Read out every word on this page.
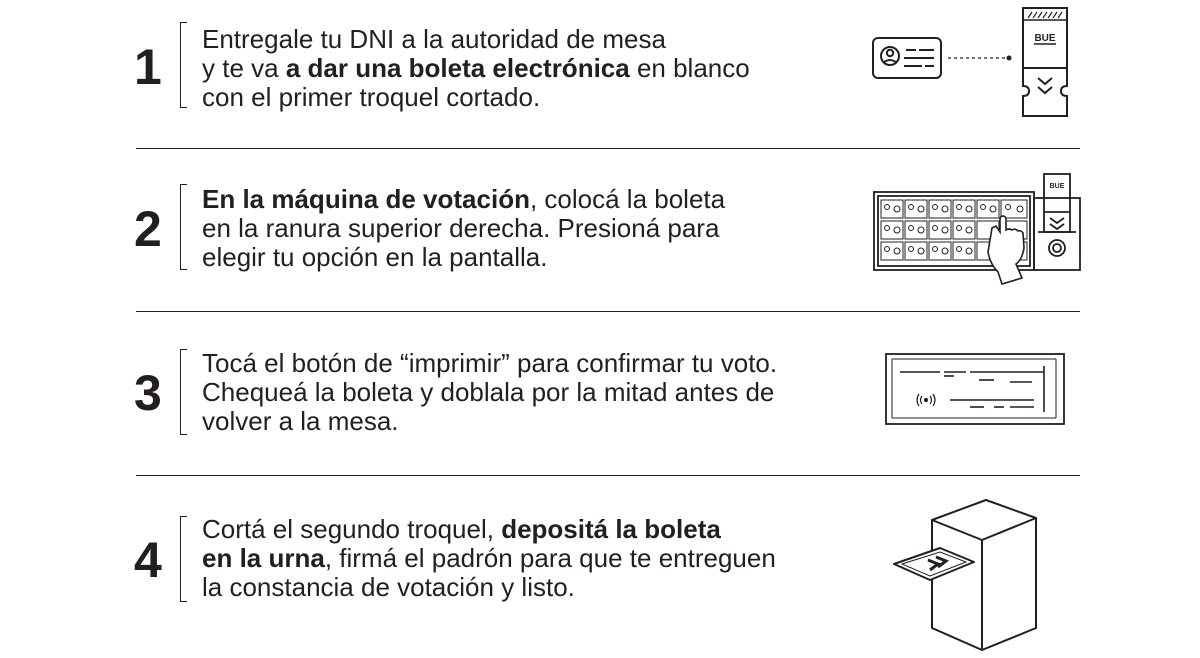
1	Entregale tu DNI a la autoridad de mesa
y te va a dar una boleta electrónica en blanco
con el primer troquel cortado.
BUE
2
En la máquina de votación, colocá la boleta
en la ranura superior derecha. Presioná para
elegir tu opción en la pantalla.
BUE
3
Tocá el botón de “imprimir” para confirmar tu voto.
Chequeá la boleta y doblala por la mitad antes de
volver a la mesa.
4
Cortá el segundo troquel, depositá la boleta
en la urna, firmá el padrón para que te entreguen
la constancia de votación y listo.
